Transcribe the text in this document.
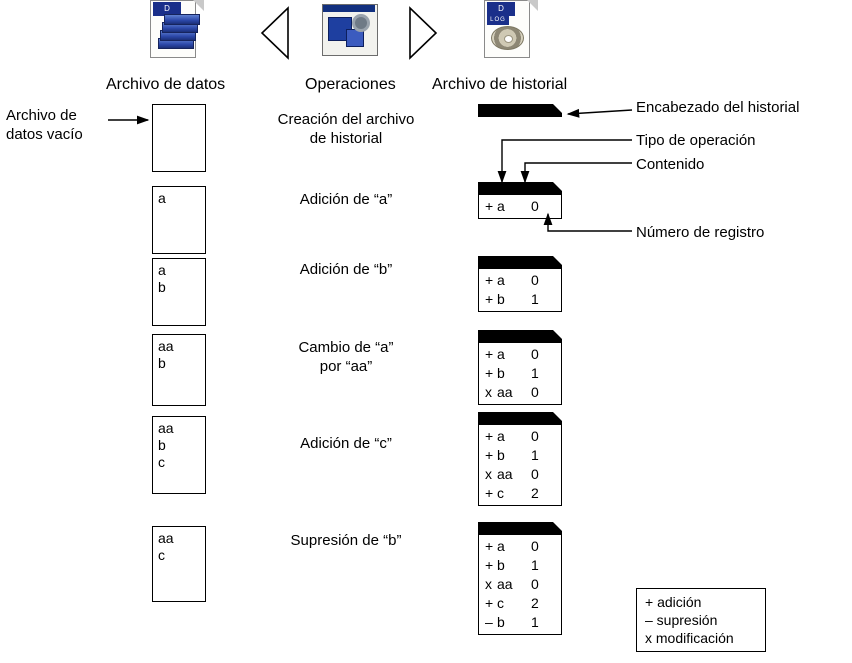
D	D
LOG
Archivo de datos	Operaciones Archivo de historial
a
a
b
aa
b
aa
b
c
aa
c
Creación del archivo
de historial
Adición de “a”
Adición de “b”
Cambio de “a”
por “aa”
Adición de “c”
Supresión de “b”
+ a	0
+ a	0
+ b	1
+ a	0
+ b	1
x aa	0
+ a	0
+ b	1
x aa	0
+ c	2
+ a	0
+ b	1
x aa	0
+ c	2
– b	1
Archivo de
datos vacío
Encabezado del historial
Tipo de operación
Contenido
Número de registro
+ adición
– supresión
x modificación
